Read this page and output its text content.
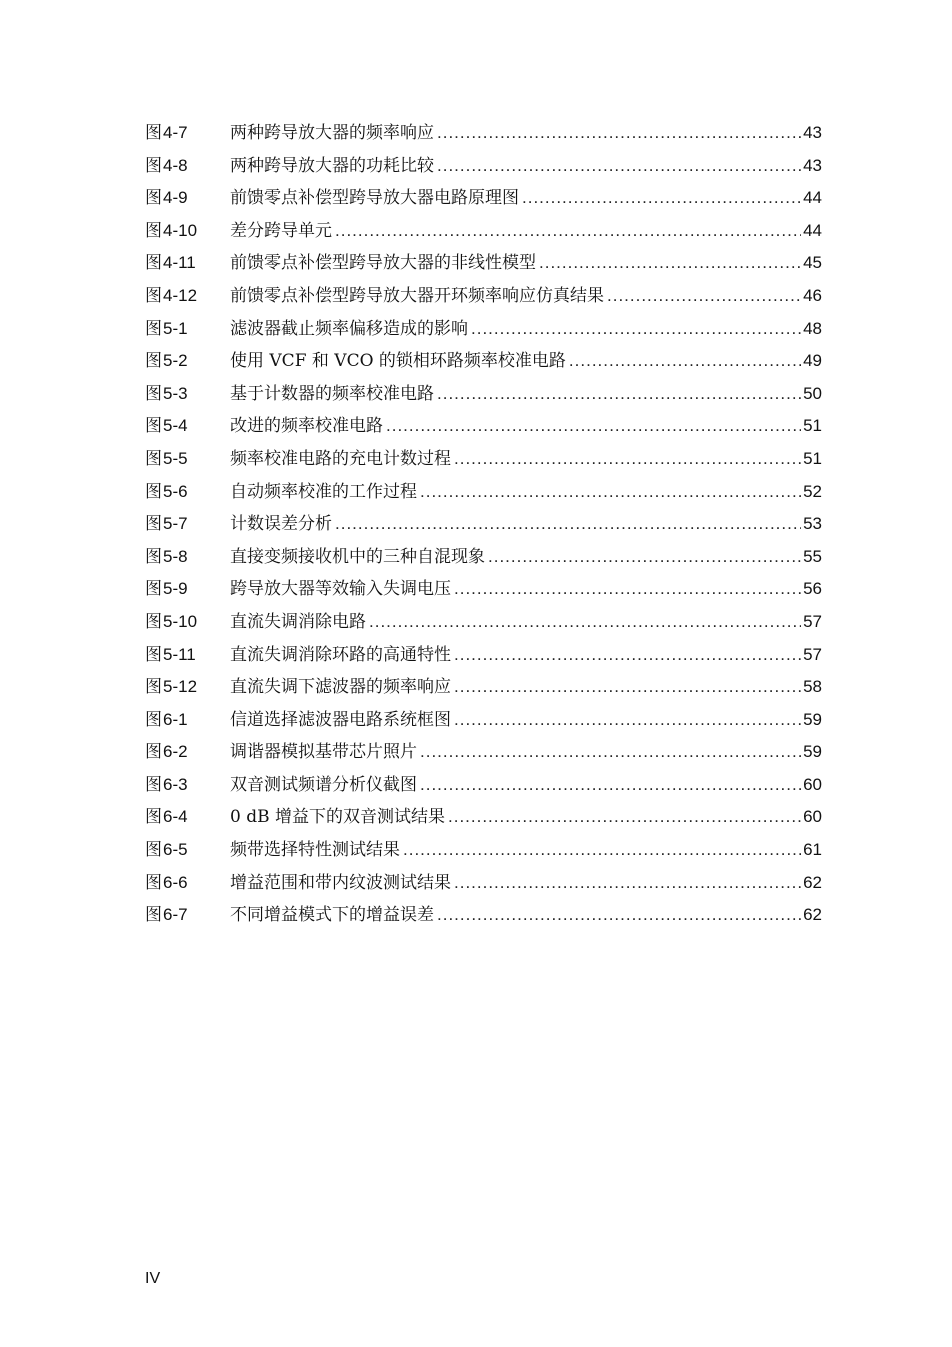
图 4-7	两种跨导放大器的频率响应 .....	43
图 4-8	两种跨导放大器的功耗比较 .....	43
图 4-9	前馈零点补偿型跨导放大器电路原理图 .....	44
图 4-10	差分跨导单元 .....	44
图 4-11	前馈零点补偿型跨导放大器的非线性模型 .....	45
图 4-12	前馈零点补偿型跨导放大器开环频率响应仿真结果 .....	46
图 5-1	滤波器截止频率偏移造成的影响 .....	48
图 5-2	使用 VCF 和 VCO 的锁相环路频率校准电路 .....	49
图 5-3	基于计数器的频率校准电路 .....	50
图 5-4	改进的频率校准电路 .....	51
图 5-5	频率校准电路的充电计数过程 .....	51
图 5-6	自动频率校准的工作过程 .....	52
图 5-7	计数误差分析 .....	53
图 5-8	直接变频接收机中的三种自混现象 .....	55
图 5-9	跨导放大器等效输入失调电压 .....	56
图 5-10	直流失调消除电路 .....	57
图 5-11	直流失调消除环路的高通特性 .....	57
图 5-12	直流失调下滤波器的频率响应 .....	58
图 6-1	信道选择滤波器电路系统框图 .....	59
图 6-2	调谐器模拟基带芯片照片 .....	59
图 6-3	双音测试频谱分析仪截图 .....	60
图 6-4	0 dB 增益下的双音测试结果 .....	60
图 6-5	频带选择特性测试结果 .....	61
图 6-6	增益范围和带内纹波测试结果 .....	62
图 6-7	不同增益模式下的增益误差 .....	62
IV
